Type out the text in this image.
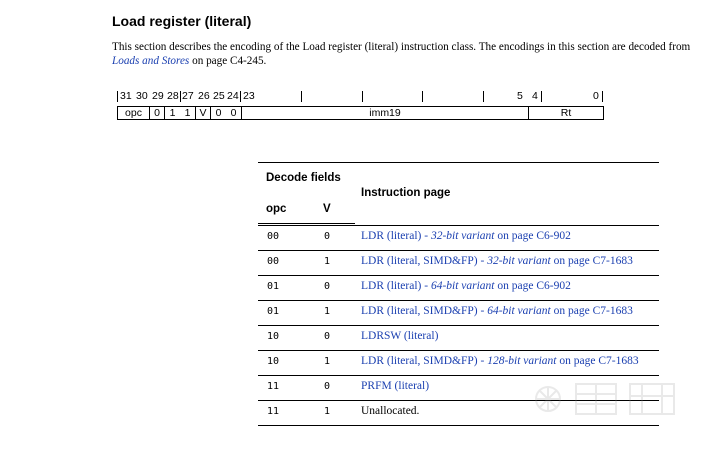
Load register (literal)
This section describes the encoding of the Load register (literal) instruction class. The encodings in this section are decoded from Loads and Stores on page C4-245.
31 30 29 28 27 26 25 24 23	5 4	0
opc	0 1 1 V 0 0	imm19	Rt
Decode fields
Instruction page
opc	V
00	0	LDR (literal) - 32-bit variant on page C6-902
00	1	LDR (literal, SIMD&FP) - 32-bit variant on page C7-1683
01	0	LDR (literal) - 64-bit variant on page C6-902
01	1	LDR (literal, SIMD&FP) - 64-bit variant on page C7-1683
10	0	LDRSW (literal)
10	1	LDR (literal, SIMD&FP) - 128-bit variant on page C7-1683
11	0	PRFM (literal)
11	1	Unallocated.
